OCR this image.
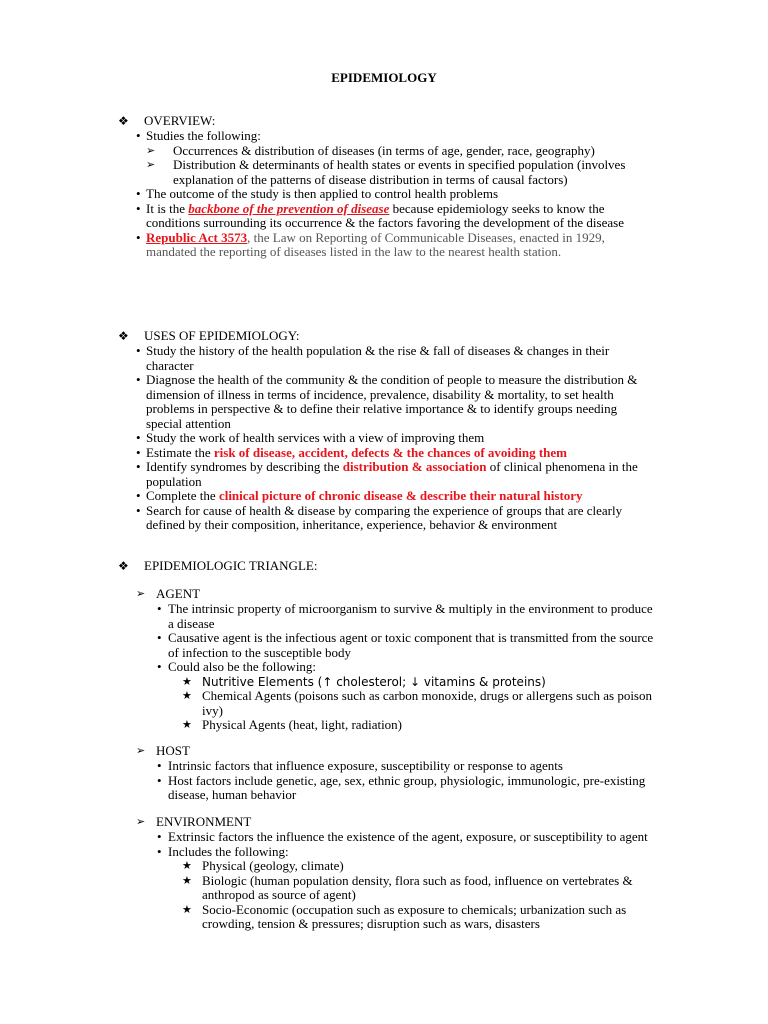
EPIDEMIOLOGY
❖ OVERVIEW:
• Studies the following:
➢ Occurrences & distribution of diseases (in terms of age, gender, race, geography)
➢ Distribution & determinants of health states or events in specified population (involves explanation of the patterns of disease distribution in terms of causal factors)
• The outcome of the study is then applied to control health problems
• It is the backbone of the prevention of disease because epidemiology seeks to know the conditions surrounding its occurrence & the factors favoring the development of the disease
• Republic Act 3573, the Law on Reporting of Communicable Diseases, enacted in 1929, mandated the reporting of diseases listed in the law to the nearest health station.
❖ USES OF EPIDEMIOLOGY:
• Study the history of the health population & the rise & fall of diseases & changes in their character
• Diagnose the health of the community & the condition of people to measure the distribution & dimension of illness in terms of incidence, prevalence, disability & mortality, to set health problems in perspective & to define their relative importance & to identify groups needing special attention
• Study the work of health services with a view of improving them
• Estimate the risk of disease, accident, defects & the chances of avoiding them
• Identify syndromes by describing the distribution & association of clinical phenomena in the population
• Complete the clinical picture of chronic disease & describe their natural history
• Search for cause of health & disease by comparing the experience of groups that are clearly defined by their composition, inheritance, experience, behavior & environment
❖ EPIDEMIOLOGIC TRIANGLE:
➢ AGENT
• The intrinsic property of microorganism to survive & multiply in the environment to produce a disease
• Causative agent is the infectious agent or toxic component that is transmitted from the source of infection to the susceptible body
• Could also be the following:
★ Nutritive Elements (↑ cholesterol; ↓ vitamins & proteins)
★ Chemical Agents (poisons such as carbon monoxide, drugs or allergens such as poison ivy)
★ Physical Agents (heat, light, radiation)
➢ HOST
• Intrinsic factors that influence exposure, susceptibility or response to agents
• Host factors include genetic, age, sex, ethnic group, physiologic, immunologic, pre-existing disease, human behavior
➢ ENVIRONMENT
• Extrinsic factors the influence the existence of the agent, exposure, or susceptibility to agent
• Includes the following:
★ Physical (geology, climate)
★ Biologic (human population density, flora such as food, influence on vertebrates & anthropod as source of agent)
★ Socio-Economic (occupation such as exposure to chemicals; urbanization such as crowding, tension & pressures; disruption such as wars, disasters
